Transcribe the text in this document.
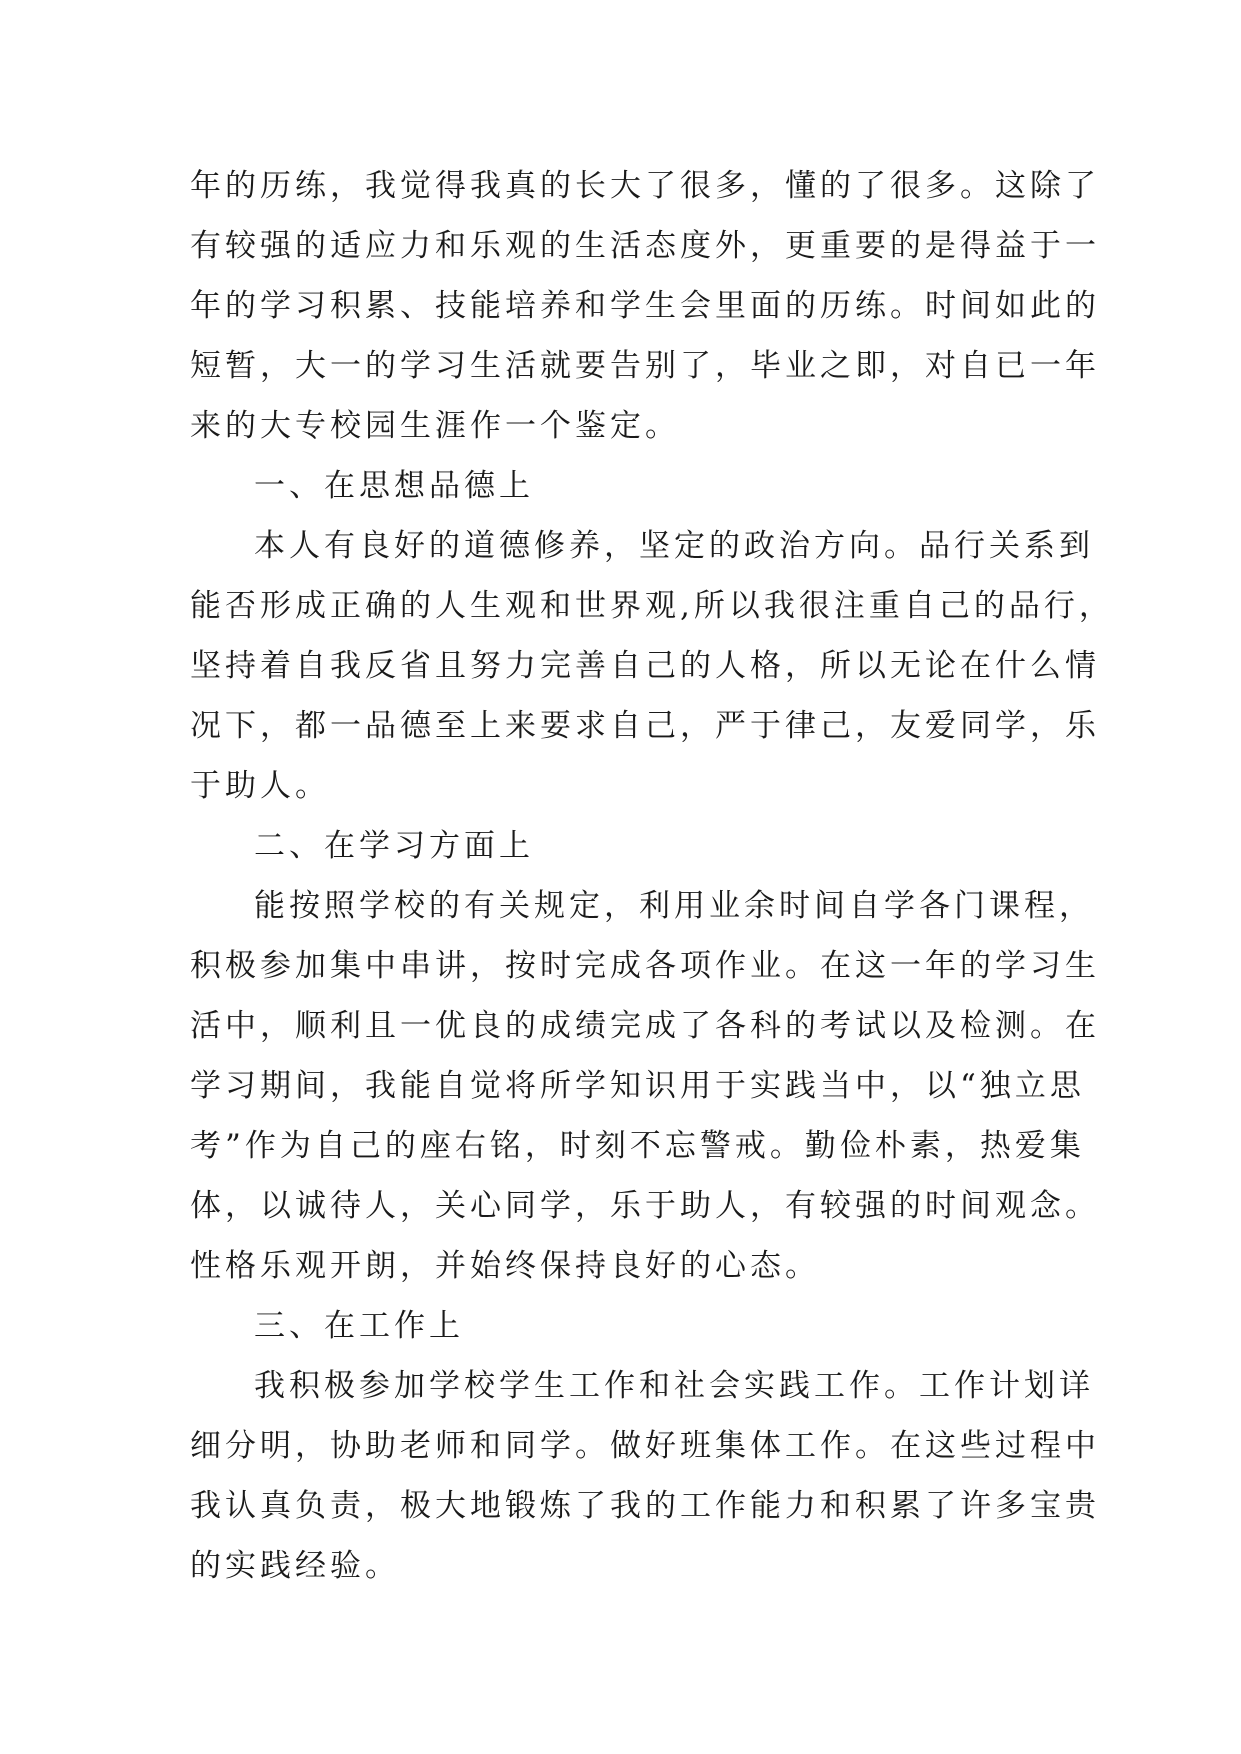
年的历练，我觉得我真的长大了很多，懂的了很多。这除了
有较强的适应力和乐观的生活态度外，更重要的是得益于一
年的学习积累、技能培养和学生会里面的历练。时间如此的
短暂，大一的学习生活就要告别了，毕业之即，对自已一年
来的大专校园生涯作一个鉴定。
一、在思想品德上
本人有良好的道德修养，坚定的政治方向。品行关系到
能否形成正确的人生观和世界观,所以我很注重自己的品行，
坚持着自我反省且努力完善自己的人格，所以无论在什么情
况下，都一品德至上来要求自己，严于律己，友爱同学，乐
于助人。
二、在学习方面上
能按照学校的有关规定，利用业余时间自学各门课程，
积极参加集中串讲，按时完成各项作业。在这一年的学习生
活中，顺利且一优良的成绩完成了各科的考试以及检测。在
学习期间，我能自觉将所学知识用于实践当中，以“独立思
考”作为自己的座右铭，时刻不忘警戒。勤俭朴素，热爱集
体，以诚待人，关心同学，乐于助人，有较强的时间观念。
性格乐观开朗，并始终保持良好的心态。
三、在工作上
我积极参加学校学生工作和社会实践工作。工作计划详
细分明，协助老师和同学。做好班集体工作。在这些过程中
我认真负责，极大地锻炼了我的工作能力和积累了许多宝贵
的实践经验。
